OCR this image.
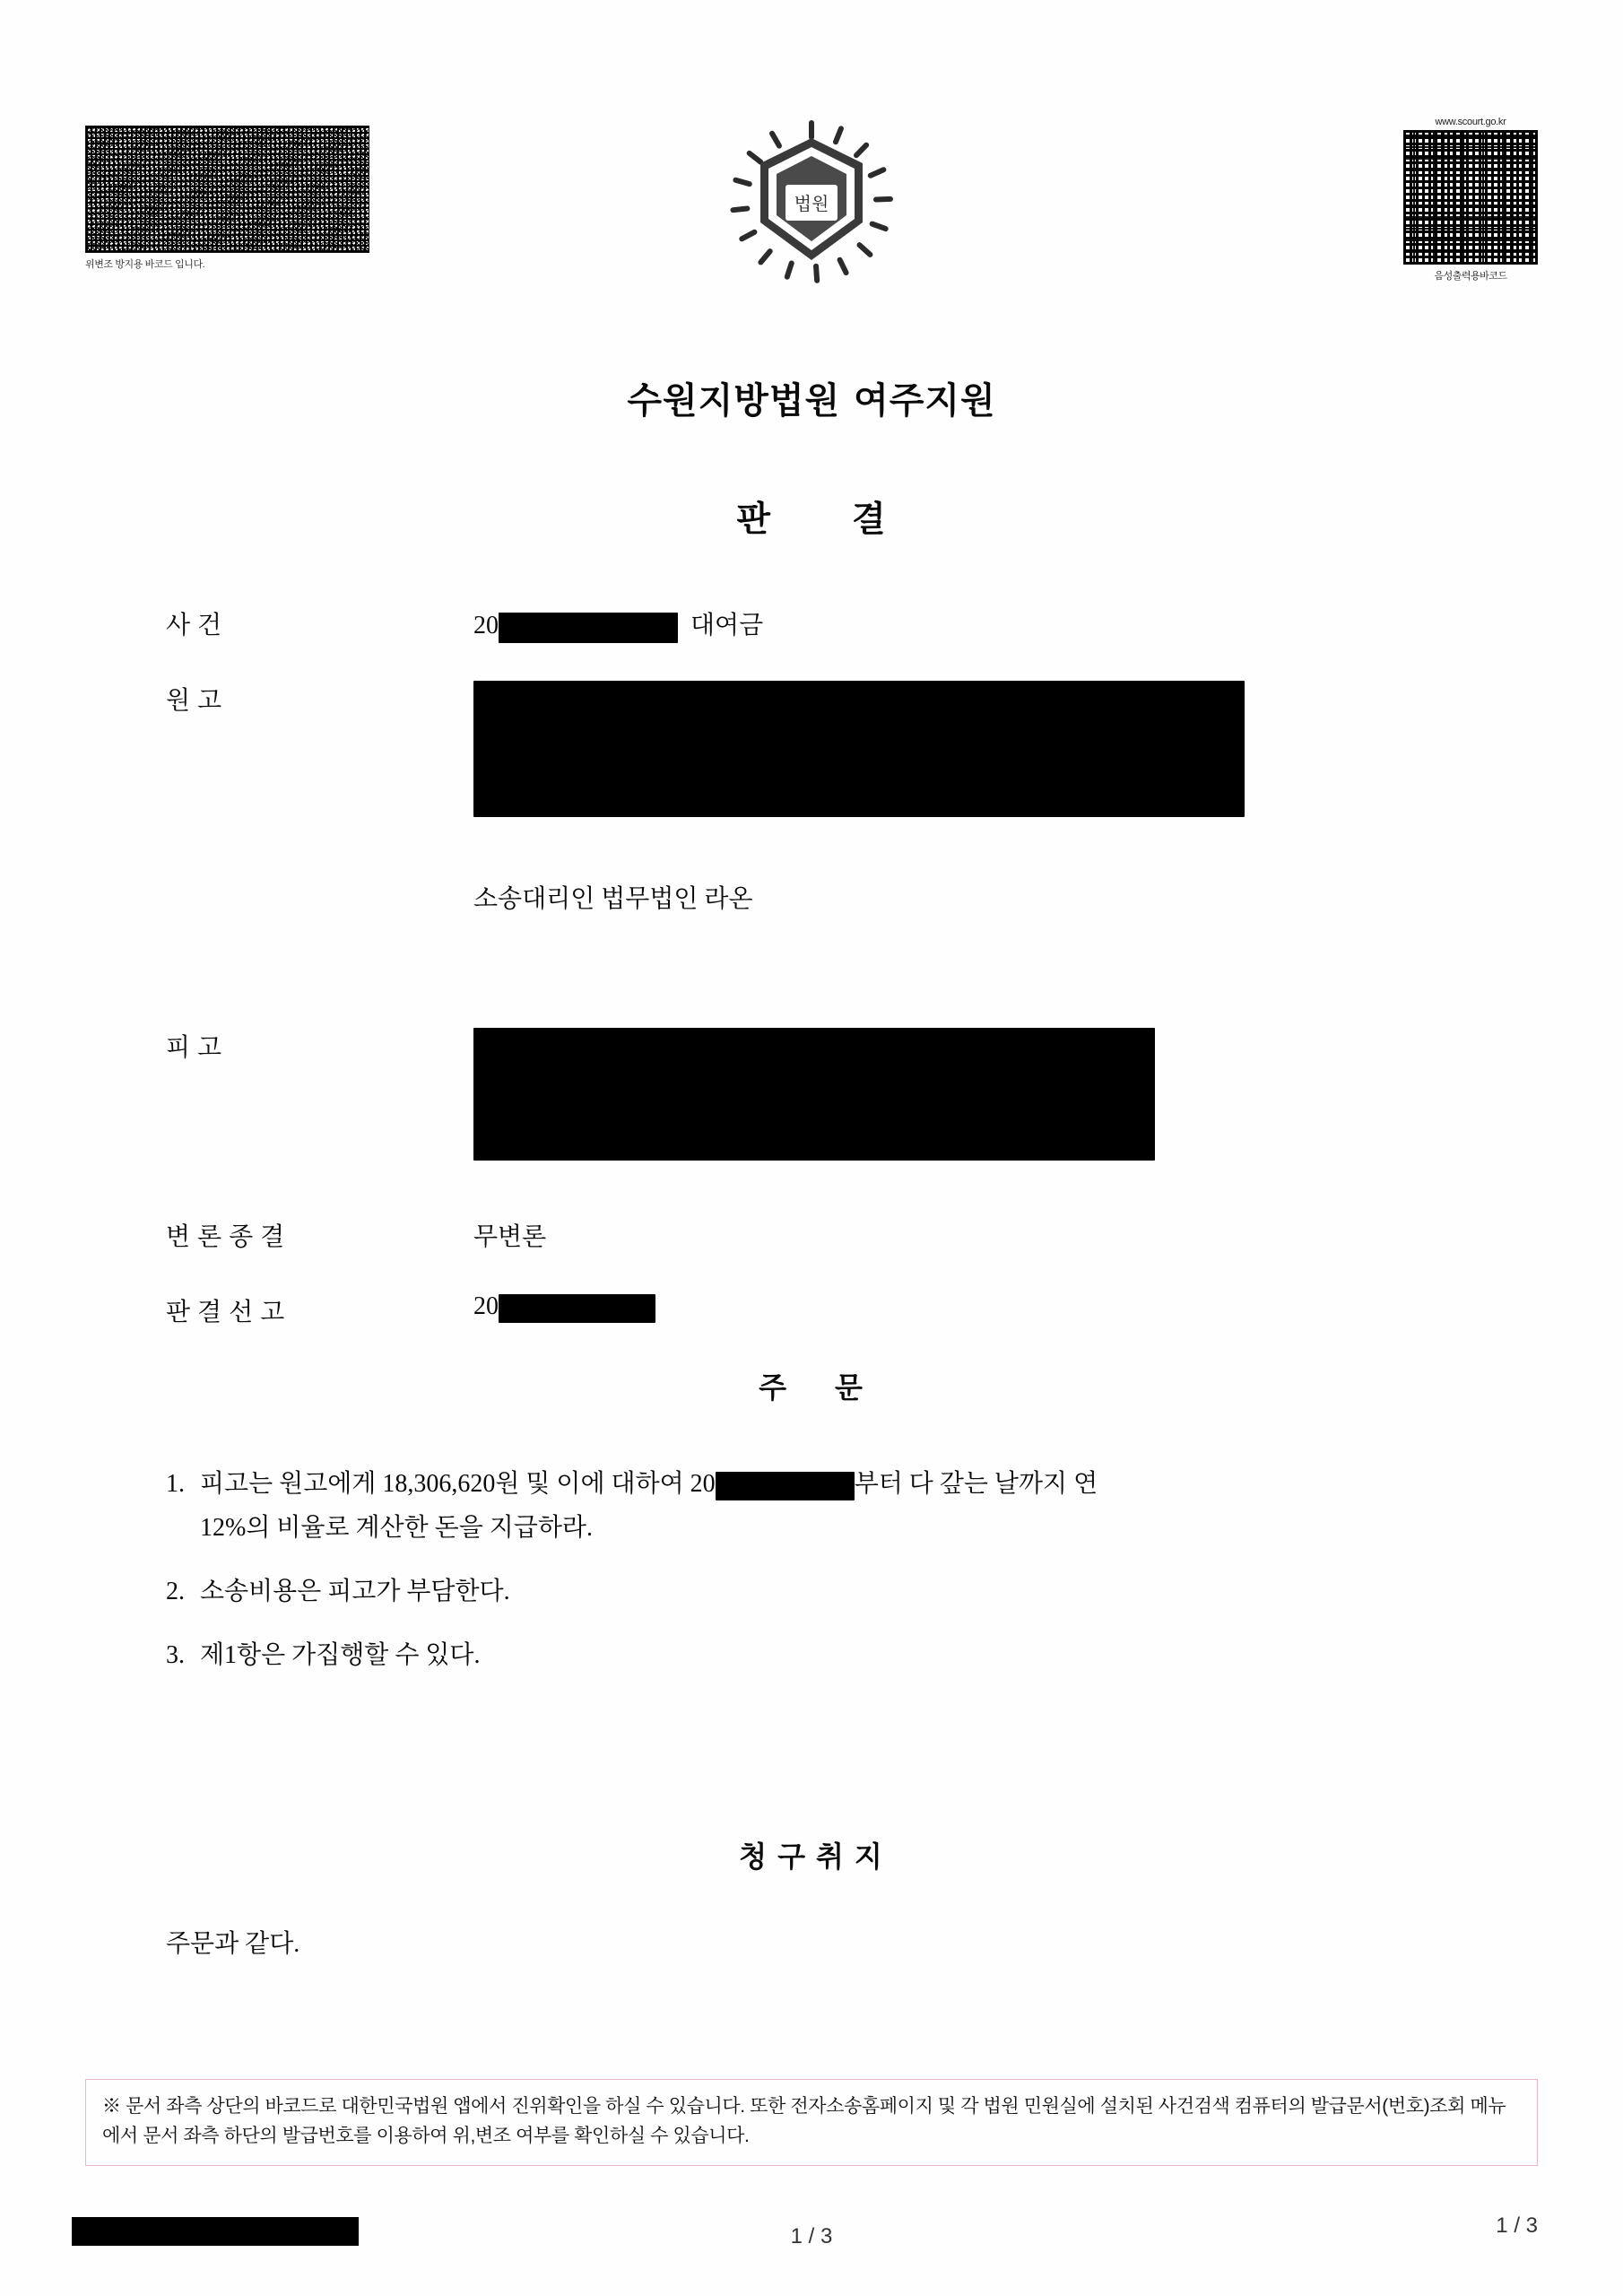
위변조 방지용 바코드 입니다.
법원
www.scourt.go.kr
음성출력용바코드
수원지방법원 여주지원
판 결
사 건	20	대여금
원 고
소송대리인 법무법인 라온
피 고
변 론 종 결	무변론
판 결 선 고	20
주 문
1. 피고는 원고에게 18,306,620원 및 이에 대하여 20	부터 다 갚는 날까지 연
12%의 비율로 계산한 돈을 지급하라.
2. 소송비용은 피고가 부담한다.
3. 제1항은 가집행할 수 있다.
청 구 취 지
주문과 같다.
※ 문서 좌측 상단의 바코드로 대한민국법원 앱에서 진위확인을 하실 수 있습니다. 또한 전자소송홈페이지 및 각 법원 민원실에 설치된 사건검색 컴퓨터의 발급문서(번호)조회 메뉴에서 문서 좌측 하단의 발급번호를 이용하여 위,변조 여부를 확인하실 수 있습니다.
1 / 3	1 / 3
